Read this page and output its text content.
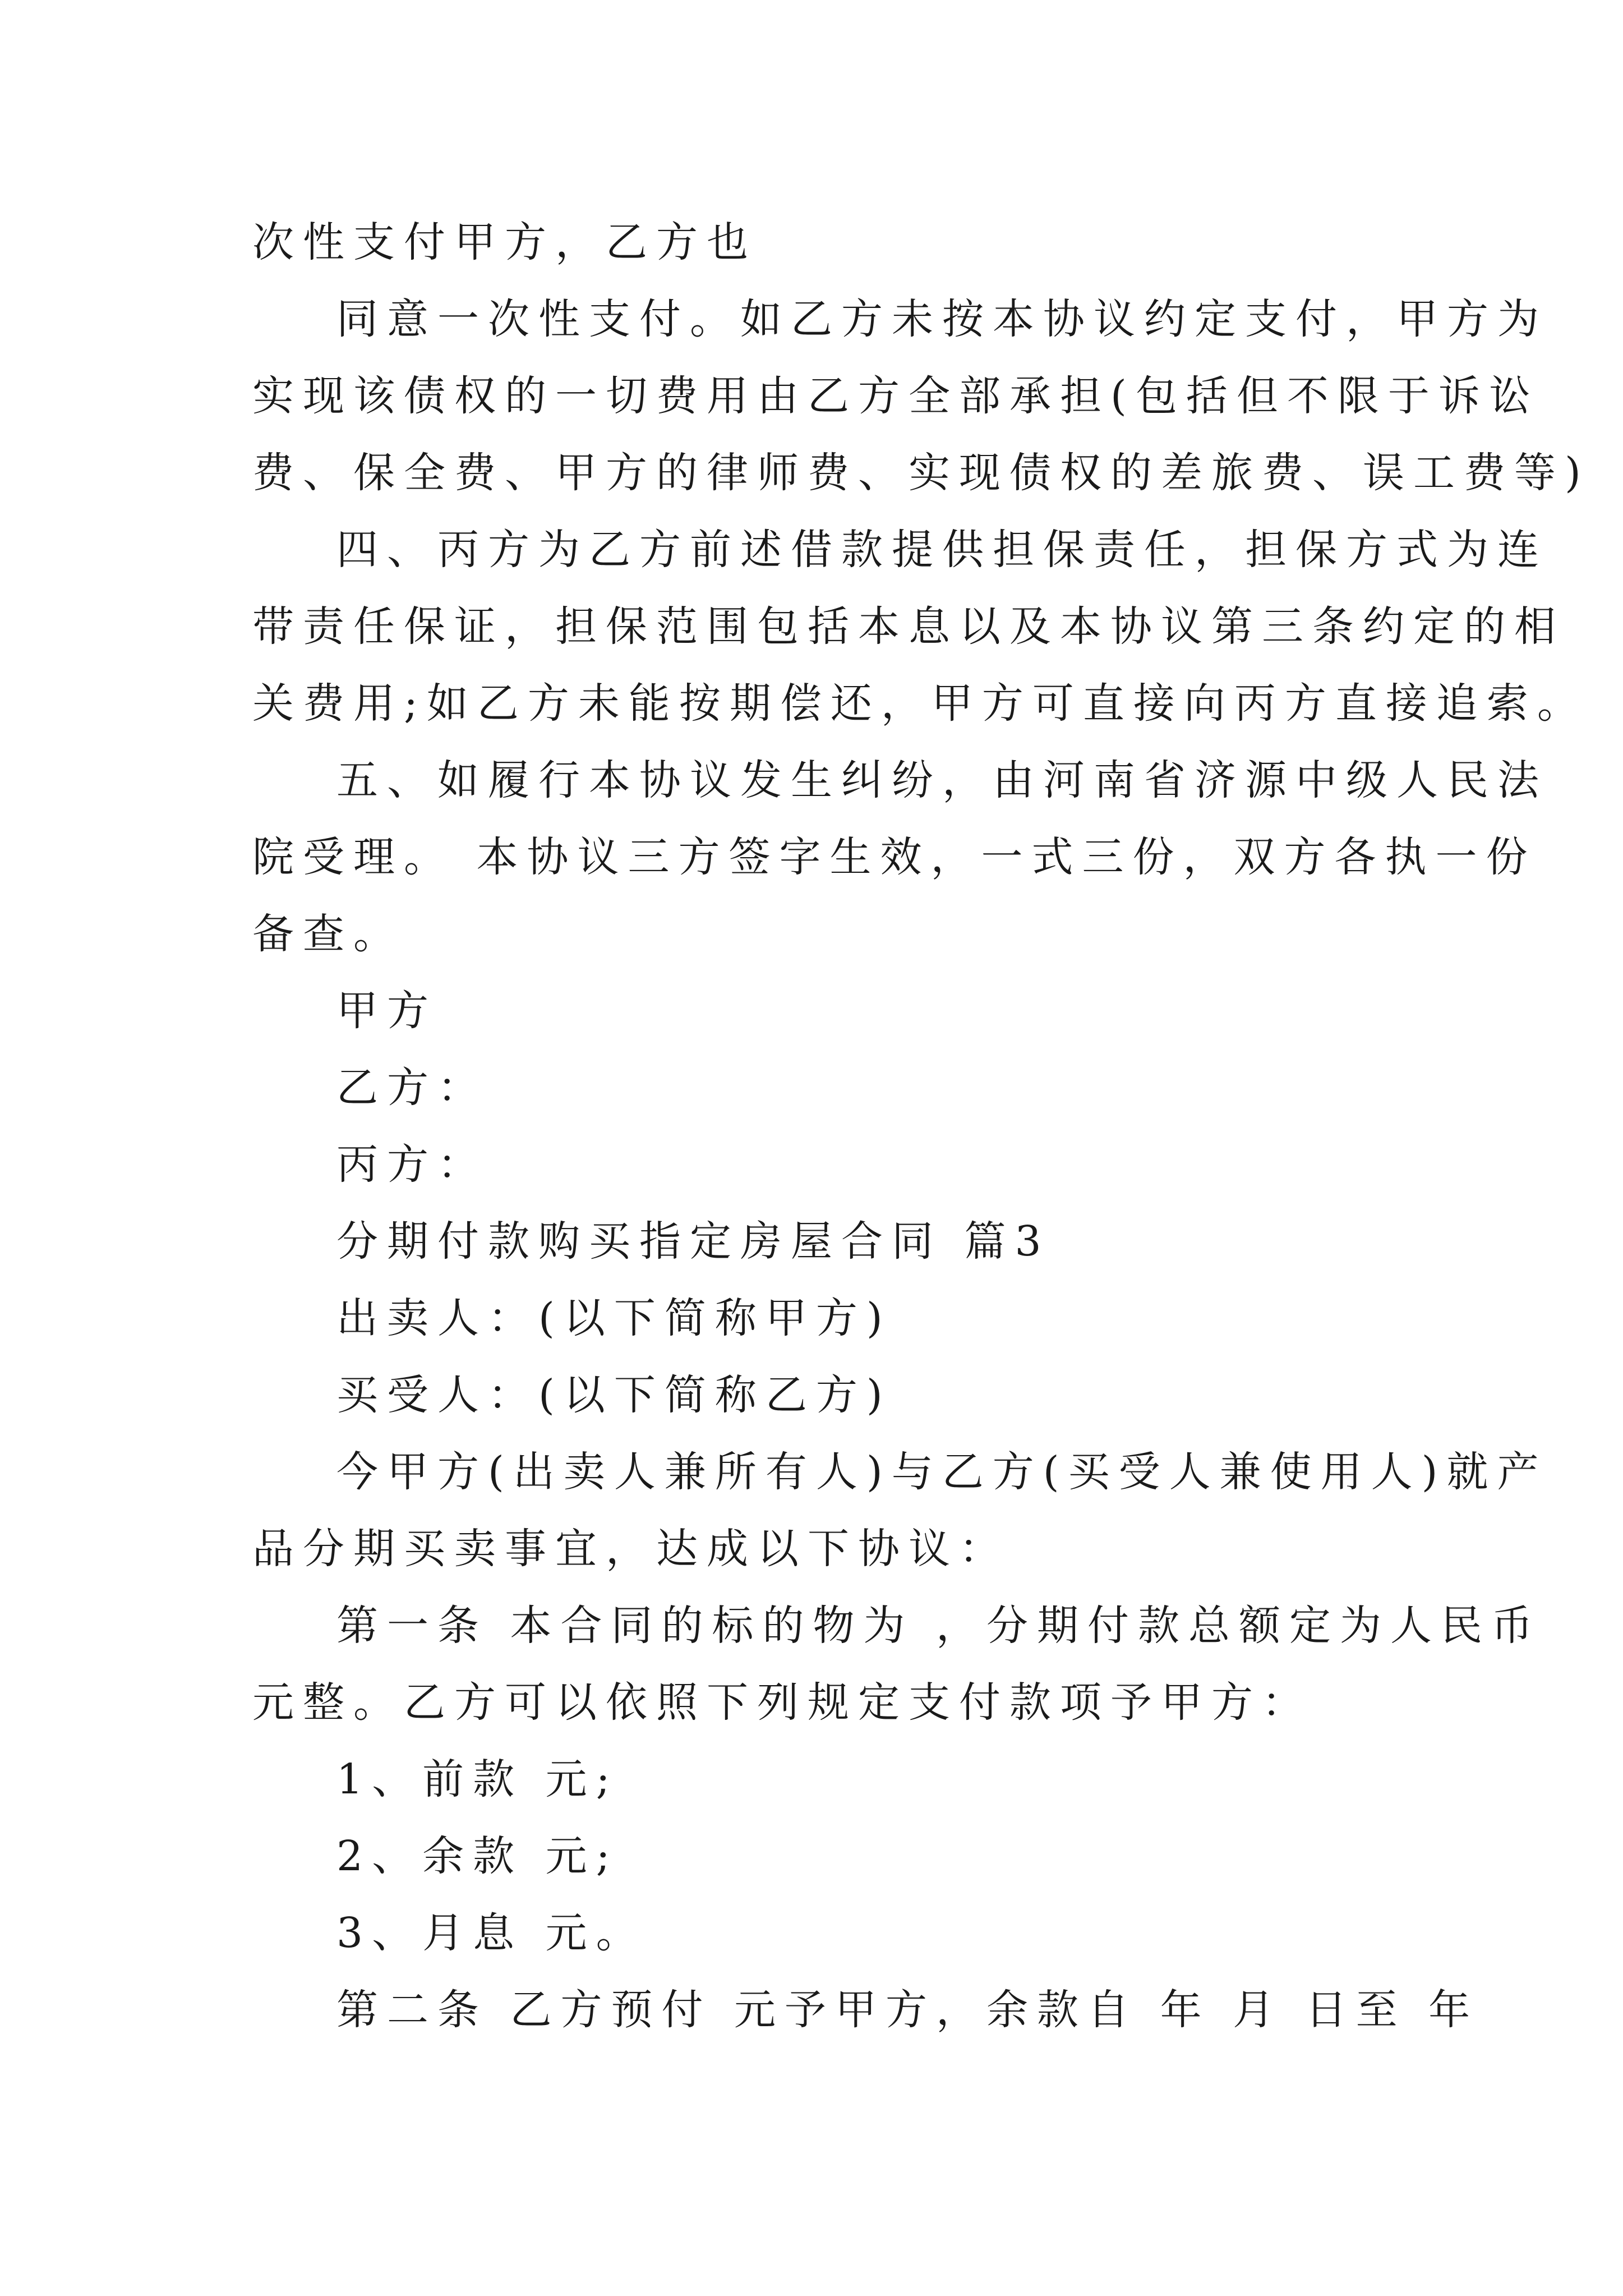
次性支付甲方，乙方也
同意一次性支付。如乙方未按本协议约定支付，甲方为
实现该债权的一切费用由乙方全部承担(包括但不限于诉讼
费、保全费、甲方的律师费、实现债权的差旅费、误工费等)
四、丙方为乙方前述借款提供担保责任，担保方式为连
带责任保证，担保范围包括本息以及本协议第三条约定的相
关费用;如乙方未能按期偿还，甲方可直接向丙方直接追索。
五、如履行本协议发生纠纷，由河南省济源中级人民法
院受理。 本协议三方签字生效，一式三份，双方各执一份
备查。
甲方
乙方：
丙方：
分期付款购买指定房屋合同 篇3
出卖人：(以下简称甲方)
买受人：(以下简称乙方)
今甲方(出卖人兼所有人)与乙方(买受人兼使用人)就产
品分期买卖事宜，达成以下协议：
第一条 本合同的标的物为 ，分期付款总额定为人民币
元整。乙方可以依照下列规定支付款项予甲方：
1、前款 元;
2、余款 元;
3、月息 元。
第二条 乙方预付 元予甲方，余款自 年 月 日至 年
